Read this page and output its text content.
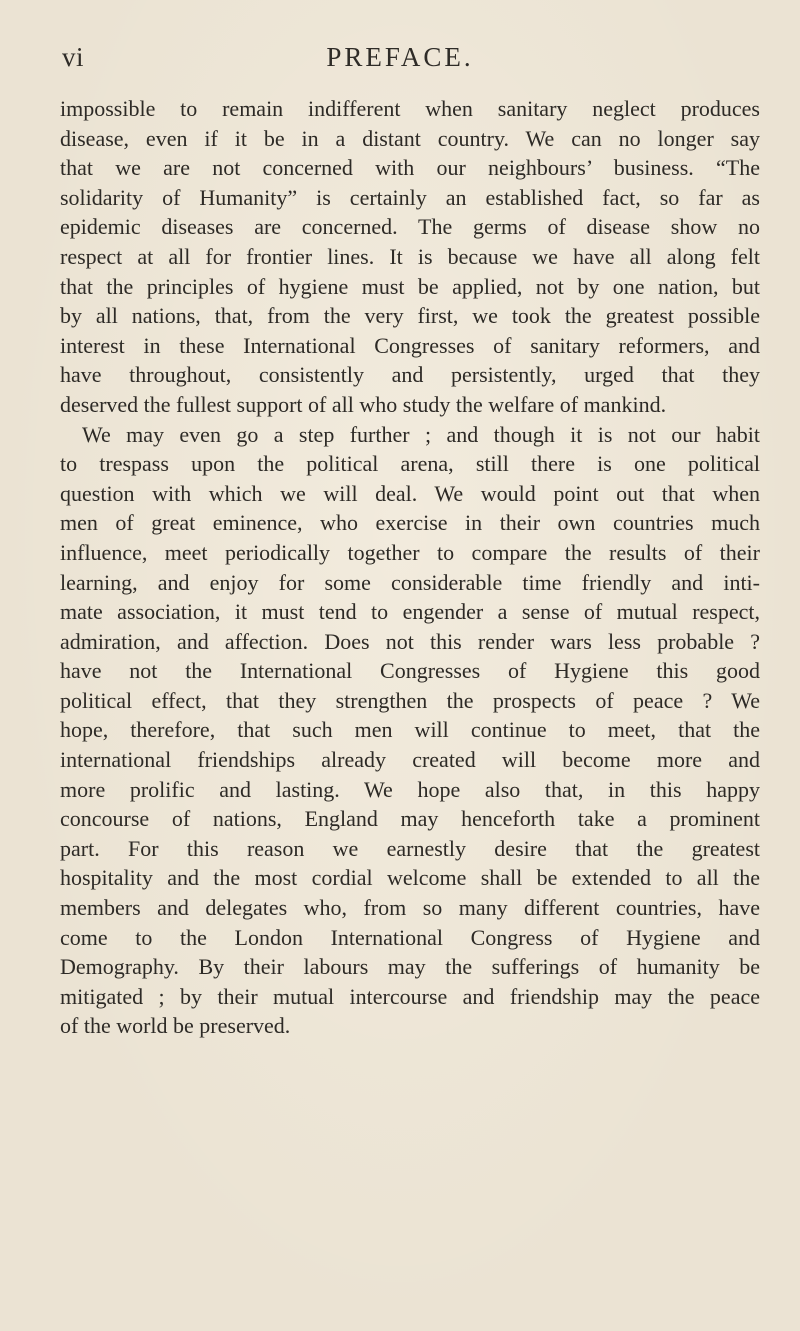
vi	PREFACE.
impossible to remain indifferent when sanitary neglect produces
disease, even if it be in a distant country. We can no longer say
that we are not concerned with our neighbours’ business. “The
solidarity of Humanity” is certainly an established fact, so far as
epidemic diseases are concerned. The germs of disease show no
respect at all for frontier lines. It is because we have all along felt
that the principles of hygiene must be applied, not by one nation, but
by all nations, that, from the very first, we took the greatest possible
interest in these International Congresses of sanitary reformers, and
have throughout, consistently and persistently, urged that they
deserved the fullest support of all who study the welfare of mankind.
We may even go a step further ; and though it is not our habit
to trespass upon the political arena, still there is one political
question with which we will deal. We would point out that when
men of great eminence, who exercise in their own countries much
influence, meet periodically together to compare the results of their
learning, and enjoy for some considerable time friendly and inti-
mate association, it must tend to engender a sense of mutual respect,
admiration, and affection. Does not this render wars less probable ?
have not the International Congresses of Hygiene this good
political effect, that they strengthen the prospects of peace ? We
hope, therefore, that such men will continue to meet, that the
international friendships already created will become more and
more prolific and lasting. We hope also that, in this happy
concourse of nations, England may henceforth take a prominent
part. For this reason we earnestly desire that the greatest
hospitality and the most cordial welcome shall be extended to all the
members and delegates who, from so many different countries, have
come to the London International Congress of Hygiene and
Demography. By their labours may the sufferings of humanity be
mitigated ; by their mutual intercourse and friendship may the peace
of the world be preserved.
